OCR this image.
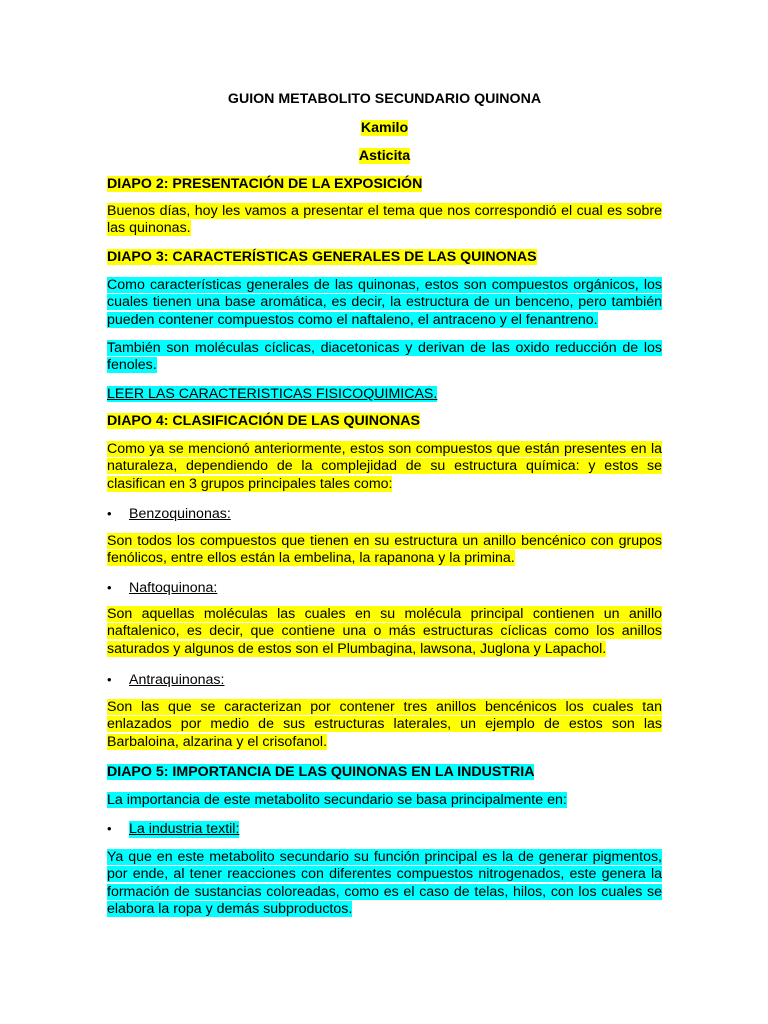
GUION METABOLITO SECUNDARIO QUINONA
Kamilo
Asticita
DIAPO 2: PRESENTACIÓN DE LA EXPOSICIÓN
Buenos días, hoy les vamos a presentar el tema que nos correspondió el cual es sobre las quinonas.
DIAPO 3: CARACTERÍSTICAS GENERALES DE LAS QUINONAS
Como características generales de las quinonas, estos son compuestos orgánicos, los cuales tienen una base aromática, es decir, la estructura de un benceno, pero también pueden contener compuestos como el naftaleno, el antraceno y el fenantreno.
También son moléculas cíclicas, diacetonicas y derivan de las oxido reducción de los fenoles.
LEER LAS CARACTERISTICAS FISICOQUIMICAS.
DIAPO 4: CLASIFICACIÓN DE LAS QUINONAS
Como ya se mencionó anteriormente, estos son compuestos que están presentes en la naturaleza, dependiendo de la complejidad de su estructura química: y estos se clasifican en 3 grupos principales tales como:
•	Benzoquinonas:
Son todos los compuestos que tienen en su estructura un anillo bencénico con grupos fenólicos, entre ellos están la embelina, la rapanona y la primina.
•	Naftoquinona:
Son aquellas moléculas las cuales en su molécula principal contienen un anillo naftalenico, es decir, que contiene una o más estructuras cíclicas como los anillos saturados y algunos de estos son el Plumbagina, lawsona, Juglona y Lapachol.
•	Antraquinonas:
Son las que se caracterizan por contener tres anillos bencénicos los cuales tan enlazados por medio de sus estructuras laterales, un ejemplo de estos son las Barbaloina, alzarina y el crisofanol.
DIAPO 5: IMPORTANCIA DE LAS QUINONAS EN LA INDUSTRIA
La importancia de este metabolito secundario se basa principalmente en:
•	La industria textil:
Ya que en este metabolito secundario su función principal es la de generar pigmentos, por ende, al tener reacciones con diferentes compuestos nitrogenados, este genera la formación de sustancias coloreadas, como es el caso de telas, hilos, con los cuales se elabora la ropa y demás subproductos.
